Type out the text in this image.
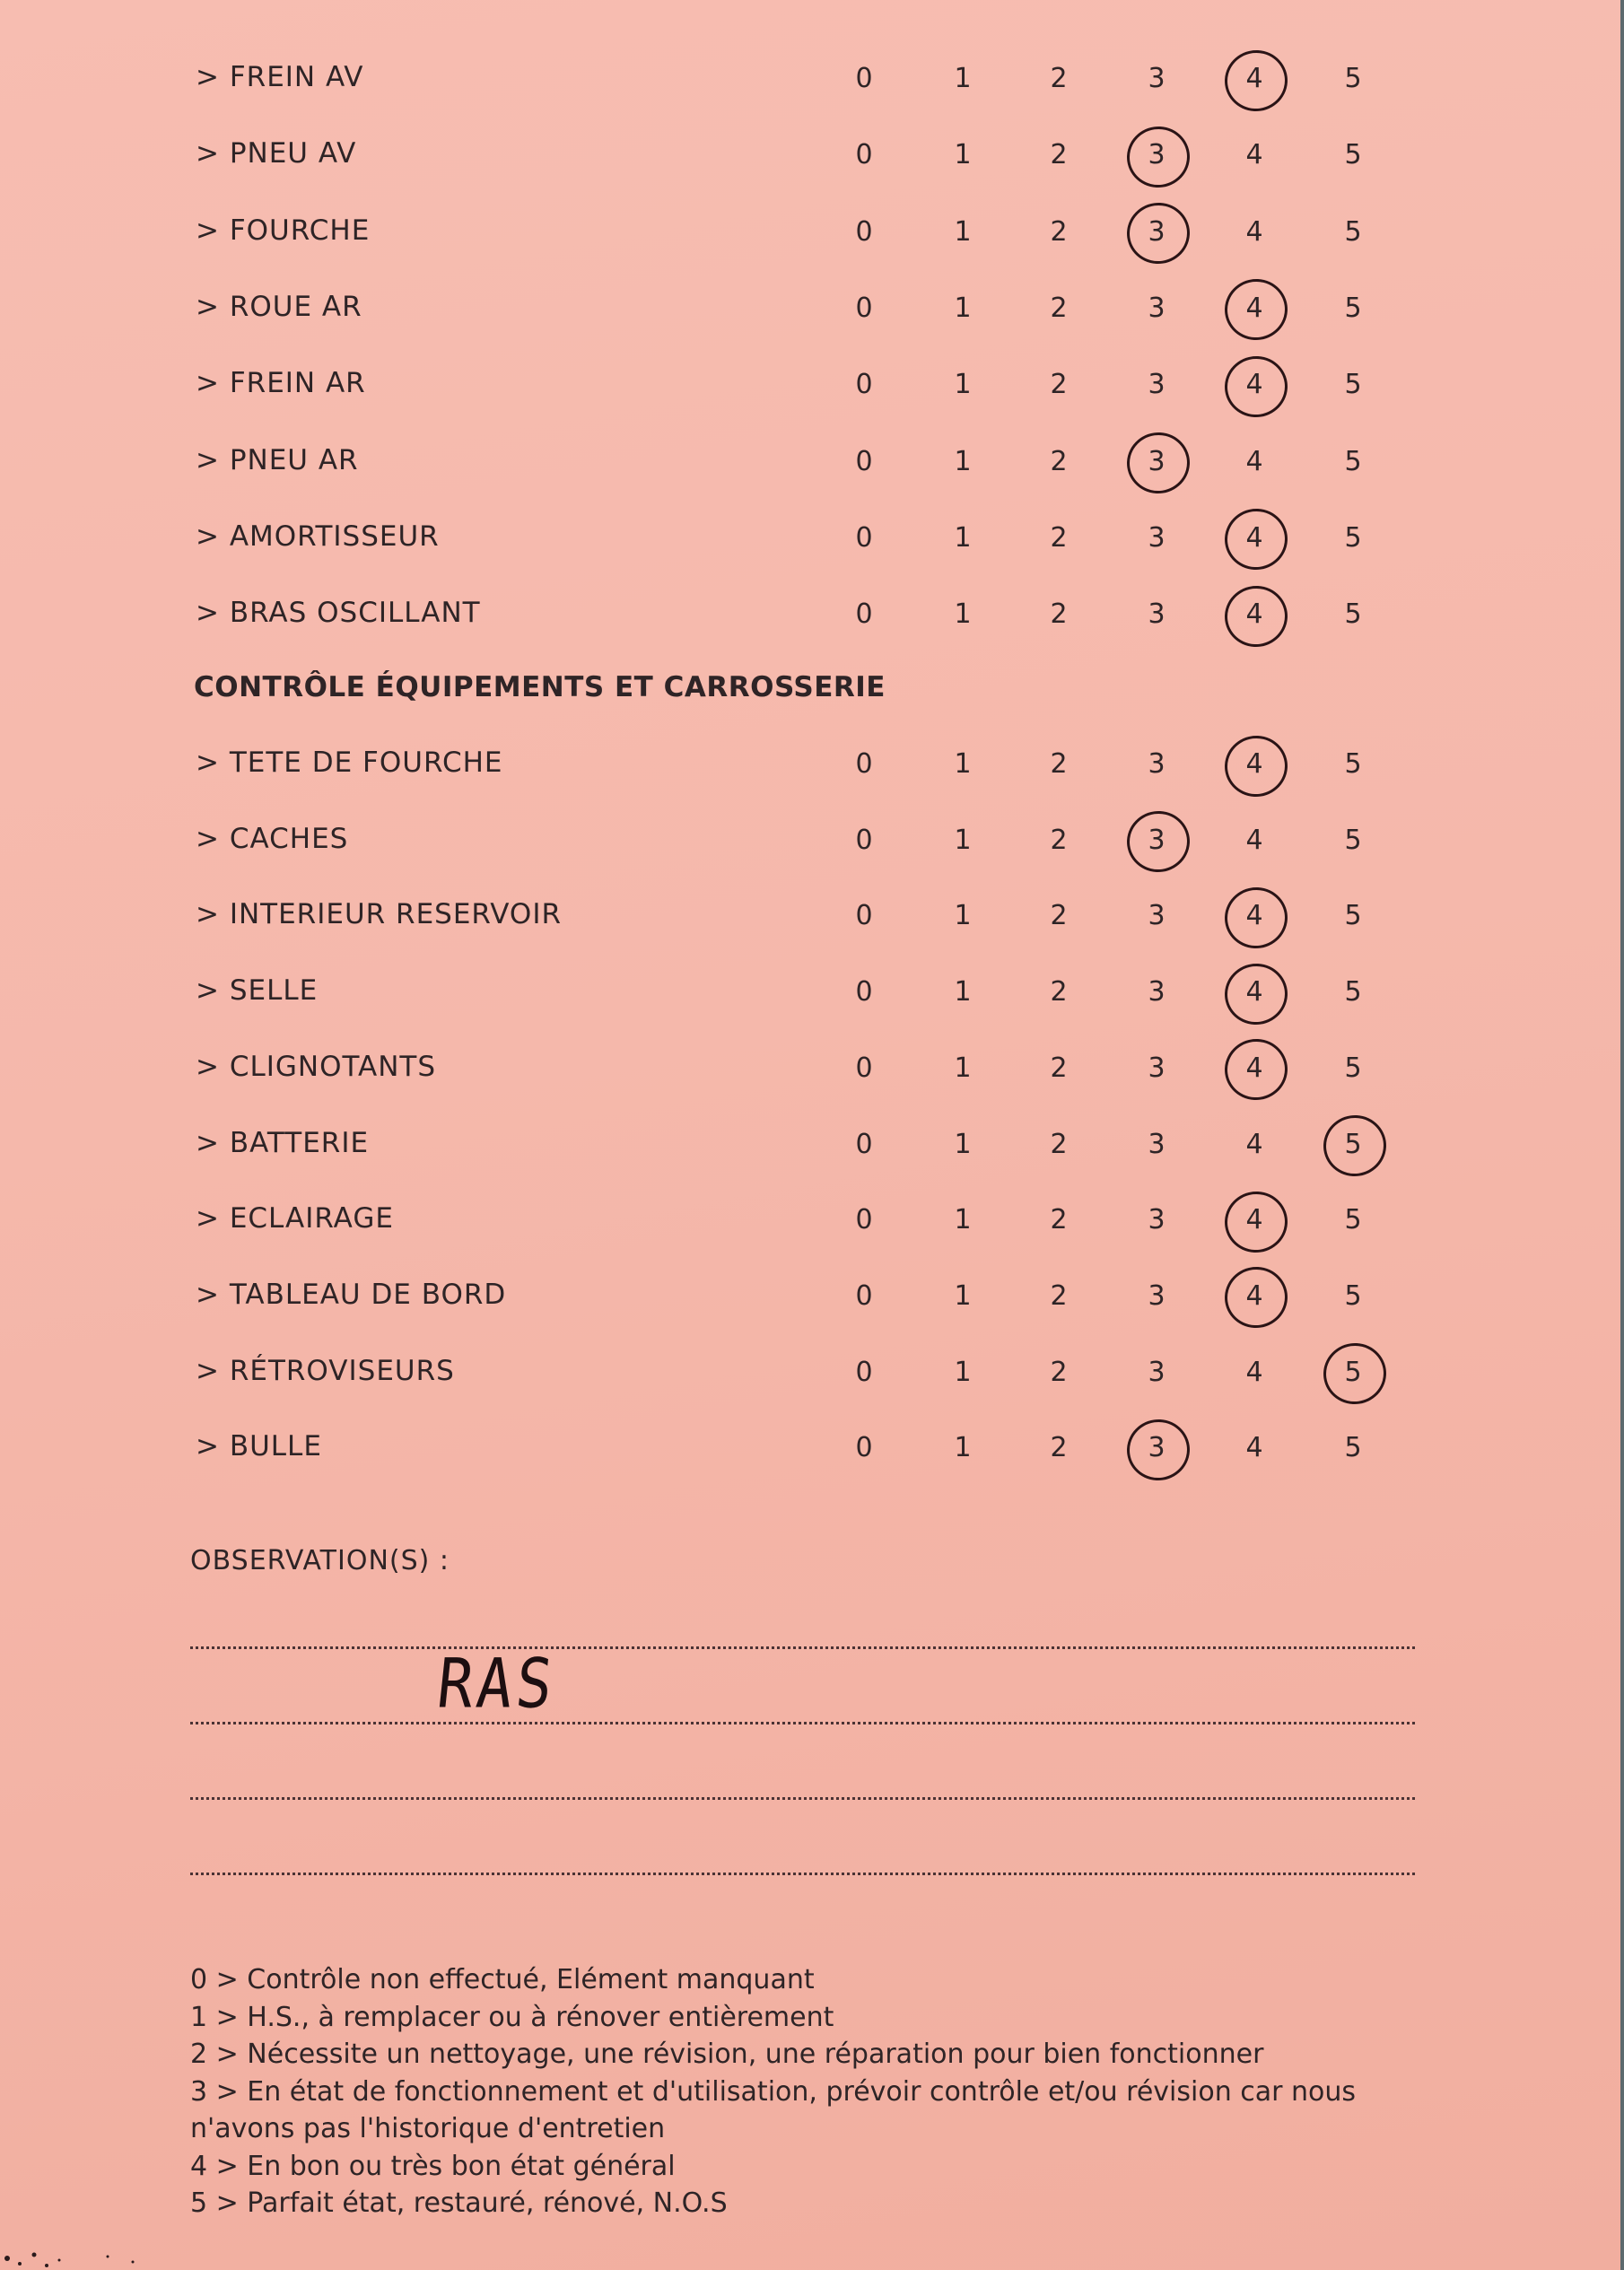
> FREIN AV	0	1	2	3	4	5
> PNEU AV	0	1	2	3	4	5
> FOURCHE	0	1	2	3	4	5
> ROUE AR	0	1	2	3	4	5
> FREIN AR	0	1	2	3	4	5
> PNEU AR	0	1	2	3	4	5
> AMORTISSEUR	0	1	2	3	4	5
> BRAS OSCILLANT	0	1	2	3	4	5
> TETE DE FOURCHE	0	1	2	3	4	5
> CACHES	0	1	2	3	4	5
> INTERIEUR RESERVOIR	0	1	2	3	4	5
> SELLE	0	1	2	3	4	5
> CLIGNOTANTS	0	1	2	3	4	5
> BATTERIE	0	1	2	3	4	5
> ECLAIRAGE	0	1	2	3	4	5
> TABLEAU DE BORD	0	1	2	3	4	5
> RÉTROVISEURS	0	1	2	3	4	5
> BULLE	0	1	2	3	4	5
CONTRÔLE ÉQUIPEMENTS ET CARROSSERIE
OBSERVATION(S) :
RAS
0 > Contrôle non effectué, Elément manquant
1 > H.S., à remplacer ou à rénover entièrement
2 > Nécessite un nettoyage, une révision, une réparation pour bien fonctionner
3 > En état de fonctionnement et d'utilisation, prévoir contrôle et/ou révision car nous
n'avons pas l'historique d'entretien
4 > En bon ou très bon état général
5 > Parfait état, restauré, rénové, N.O.S
